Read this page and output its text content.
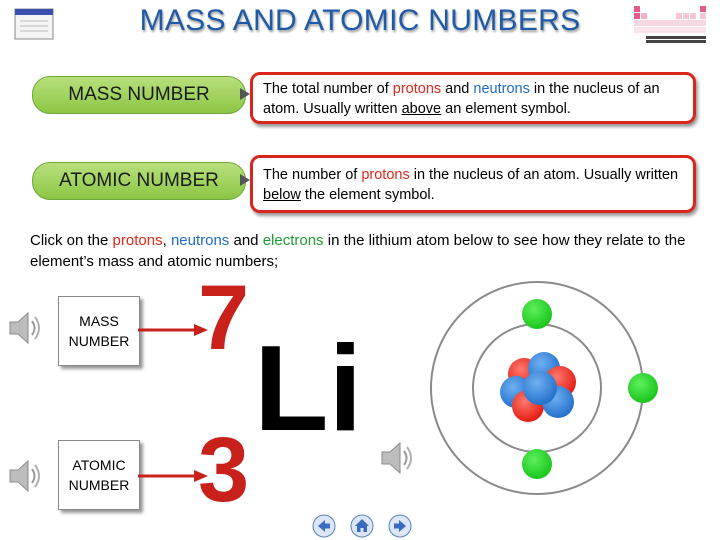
MASS AND ATOMIC NUMBERS
MASS NUMBER	The total number of protons and neutrons in the nucleus of an atom. Usually written above an element symbol.
ATOMIC NUMBER	The number of protons in the nucleus of an atom. Usually written below the element symbol.
Click on the protons, neutrons and electrons in the lithium atom below to see how they relate to the element’s mass and atomic numbers;
MASS
NUMBER
ATOMIC
NUMBER
7
Li
3
